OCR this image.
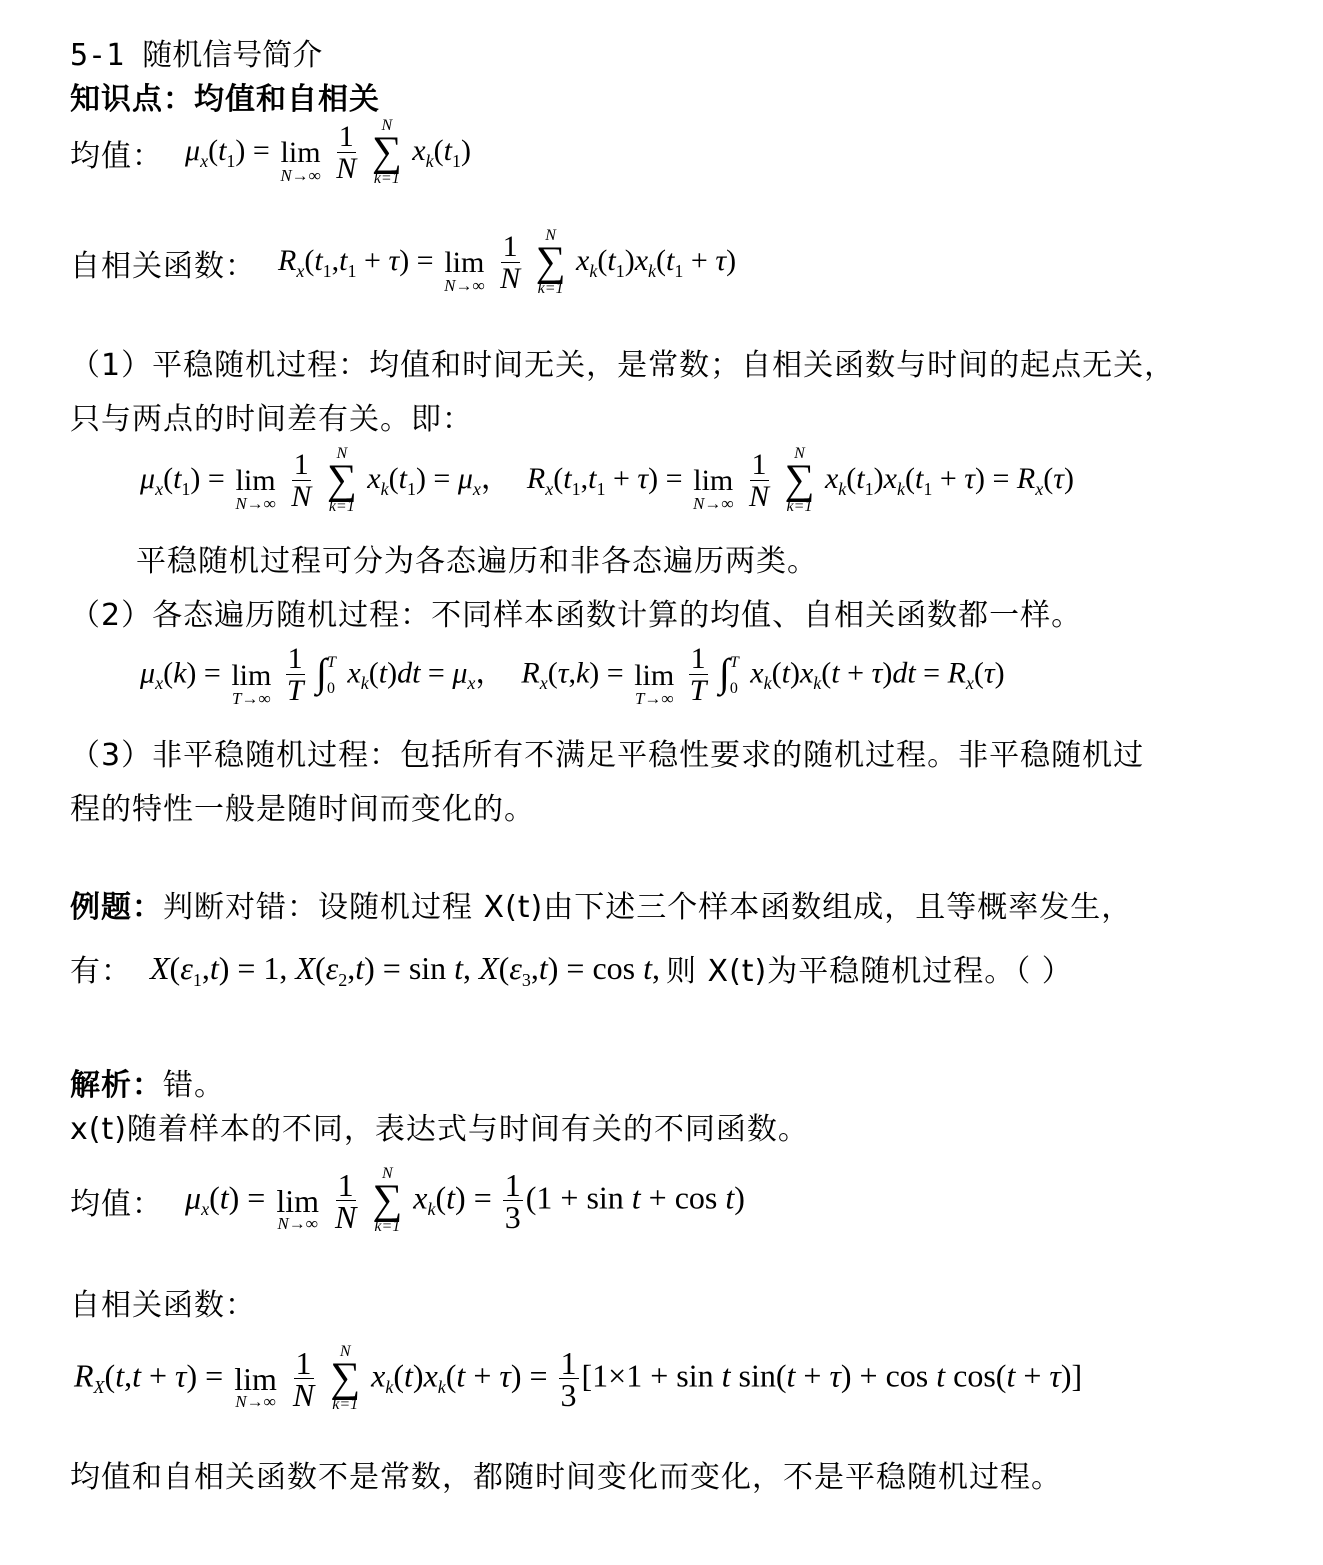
5-1 随机信号简介
知识点：均值和自相关
均值： $\mu_x(t_1) = \lim$
N→∞
$\frac{1}{N}$
N
∑
k=1
$x_k(t_1)$
自相关函数： $R_x(t_1,t_1 + \tau) = \lim$
N→∞
$\frac{1}{N}$
N
∑
k=1
$x_k(t_1)x_k(t_1 + \tau)$
（1）平稳随机过程：均值和时间无关，是常数；自相关函数与时间的起点无关，
只与两点的时间差有关。即：
$\mu_x(t_1) = \lim$
N→∞
$\frac{1}{N}$
N
∑
k=1
$x_k(t_1) = \mu_x$， $R_x(t_1,t_1 + \tau) = \lim$
N→∞
$\frac{1}{N}$
N
∑
k=1
$x_k(t_1)x_k(t_1 + \tau) = R_x(\tau)$
平稳随机过程可分为各态遍历和非各态遍历两类。
（2）各态遍历随机过程：不同样本函数计算的均值、自相关函数都一样。
$\mu_x(k) = \lim$
T→∞
$\frac{1}{T}$ ∫ T
0 $x_k(t)dt = \mu_x$， $R_x(\tau,k) = \lim$
T→∞
$\frac{1}{T}$ ∫ T
0 $x_k(t)x_k(t + \tau)dt = R_x(\tau)$
（3）非平稳随机过程：包括所有不满足平稳性要求的随机过程。非平稳随机过
程的特性一般是随时间而变化的。
例题：判断对错：设随机过程 X(t)由下述三个样本函数组成，且等概率发生，
有： $X(\varepsilon_1,t) = 1$, $X(\varepsilon_2,t) = \sin t$, $X(\varepsilon_3,t) = \cos t$, 则 X(t)为平稳随机过程。（ ）
解析：错。
x(t)随着样本的不同，表达式与时间有关的不同函数。
均值： $\mu_x(t) = \lim$
N→∞
$\frac{1}{N}$
N
∑
k=1
$x_k(t) = \frac{1}{3} (1 + \sin t + \cos t)$
自相关函数：
$R_X(t,t + \tau) = \lim$
N→∞
$\frac{1}{N}$
N
∑
k=1
$x_k(t)x_k(t + \tau) = \frac{1}{3} [1\times 1 + \sin t$ sin(t + τ) + cos t cos(t + τ)]
均值和自相关函数不是常数，都随时间变化而变化，不是平稳随机过程。
